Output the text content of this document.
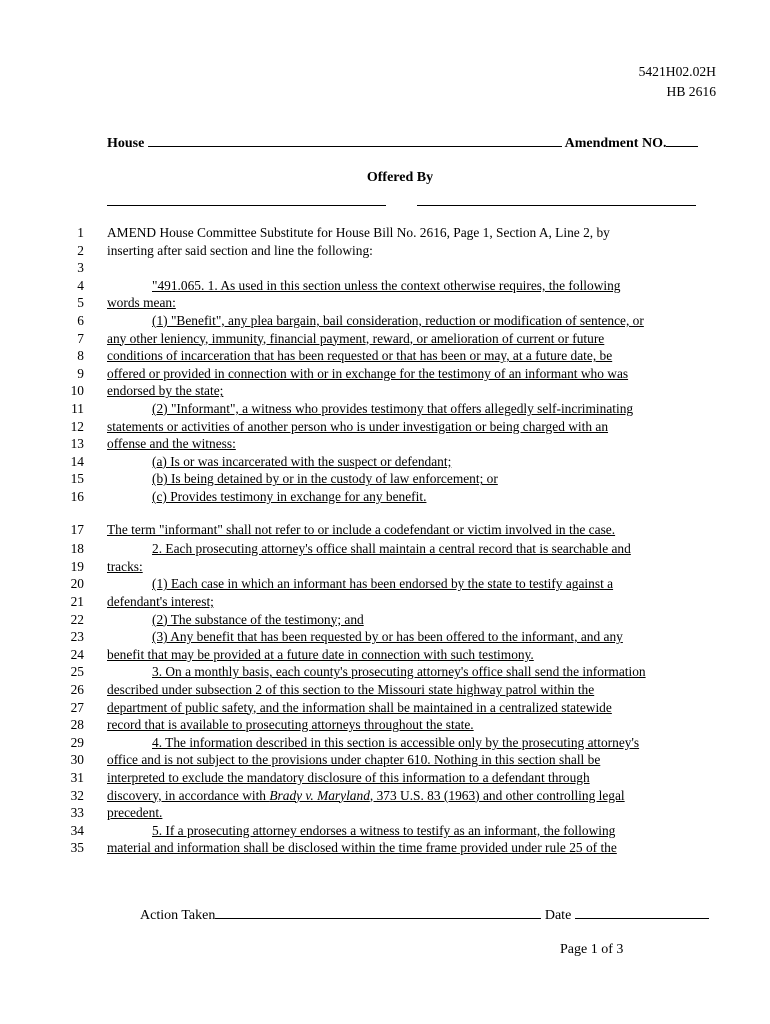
5421H02.02H
HB 2616
House	Amendment NO.
Offered By
1 AMEND House Committee Substitute for House Bill No. 2616, Page 1, Section A, Line 2, by
2 inserting after said section and line the following:
3
4	"491.065. 1. As used in this section unless the context otherwise requires, the following
5 words mean:
6	(1) "Benefit", any plea bargain, bail consideration, reduction or modification of sentence, or
7 any other leniency, immunity, financial payment, reward, or amelioration of current or future
8 conditions of incarceration that has been requested or that has been or may, at a future date, be
9 offered or provided in connection with or in exchange for the testimony of an informant who was
10 endorsed by the state;
11	(2) "Informant", a witness who provides testimony that offers allegedly self-incriminating
12 statements or activities of another person who is under investigation or being charged with an
13 offense and the witness:
14	(a) Is or was incarcerated with the suspect or defendant;
15	(b) Is being detained by or in the custody of law enforcement; or
16	(c) Provides testimony in exchange for any benefit.
17 The term "informant" shall not refer to or include a codefendant or victim involved in the case.
18	2. Each prosecuting attorney's office shall maintain a central record that is searchable and
19 tracks:
20	(1) Each case in which an informant has been endorsed by the state to testify against a
21 defendant's interest;
22	(2) The substance of the testimony; and
23	(3) Any benefit that has been requested by or has been offered to the informant, and any
24 benefit that may be provided at a future date in connection with such testimony.
25	3. On a monthly basis, each county's prosecuting attorney's office shall send the information
26 described under subsection 2 of this section to the Missouri state highway patrol within the
27 department of public safety, and the information shall be maintained in a centralized statewide
28 record that is available to prosecuting attorneys throughout the state.
29	4. The information described in this section is accessible only by the prosecuting attorney's
30 office and is not subject to the provisions under chapter 610. Nothing in this section shall be
31 interpreted to exclude the mandatory disclosure of this information to a defendant through
32 discovery, in accordance with Brady v. Maryland, 373 U.S. 83 (1963) and other controlling legal
33 precedent.
34	5. If a prosecuting attorney endorses a witness to testify as an informant, the following
35 material and information shall be disclosed within the time frame provided under rule 25 of the
Action Taken	Date
Page 1 of 3
